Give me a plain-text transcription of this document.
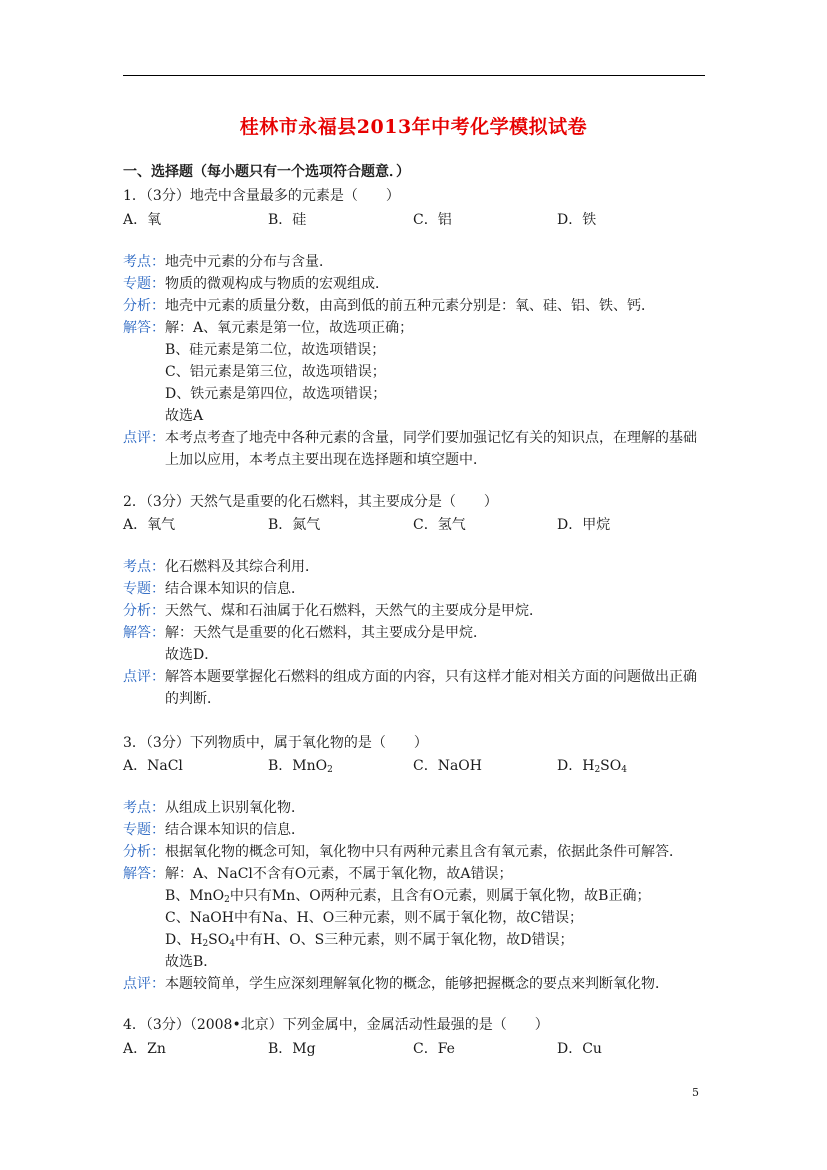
桂林市永福县2013年中考化学模拟试卷
一、选择题（每小题只有一个选项符合题意．）
1．（3分）地壳中含量最多的元素是（　　）
A．氧	B．硅	C．铝	D．铁
考点：地壳中元素的分布与含量．
专题：物质的微观构成与物质的宏观组成．
分析：地壳中元素的质量分数，由高到低的前五种元素分别是：氧、硅、铝、铁、钙．
解答：解：A、氧元素是第一位，故选项正确；
B、硅元素是第二位，故选项错误；
C、铝元素是第三位，故选项错误；
D、铁元素是第四位，故选项错误；
故选A
点评：本考点考查了地壳中各种元素的含量，同学们要加强记忆有关的知识点，在理解的基础上加以应用，本考点主要出现在选择题和填空题中．
2．（3分）天然气是重要的化石燃料，其主要成分是（　　）
A．氧气	B．氮气	C．氢气	D．甲烷
考点：化石燃料及其综合利用．
专题：结合课本知识的信息．
分析：天然气、煤和石油属于化石燃料，天然气的主要成分是甲烷．
解答：解：天然气是重要的化石燃料，其主要成分是甲烷．
故选D．
点评：解答本题要掌握化石燃料的组成方面的内容，只有这样才能对相关方面的问题做出正确的判断．
3．（3分）下列物质中，属于氧化物的是（　　）
A．NaCl	B．MnO$_2$	C．NaOH	D．$H_2SO_4$
考点：从组成上识别氧化物．
专题：结合课本知识的信息．
分析：根据氧化物的概念可知，氧化物中只有两种元素且含有氧元素，依据此条件可解答．
解答：解：A、NaCl不含有O元素，不属于氧化物，故A错误；
B、MnO$_2$中只有Mn、O两种元素，且含有O元素，则属于氧化物，故B正确；
C、NaOH中有Na、H、O三种元素，则不属于氧化物，故C错误；
D、$H_2SO_4$中有H、O、S三种元素，则不属于氧化物，故D错误；
故选B．
点评：本题较简单，学生应深刻理解氧化物的概念，能够把握概念的要点来判断氧化物．
4．（3分）（2008•北京）下列金属中，金属活动性最强的是（　　）
A．Zn	B．Mg	C．Fe	D．Cu
5
